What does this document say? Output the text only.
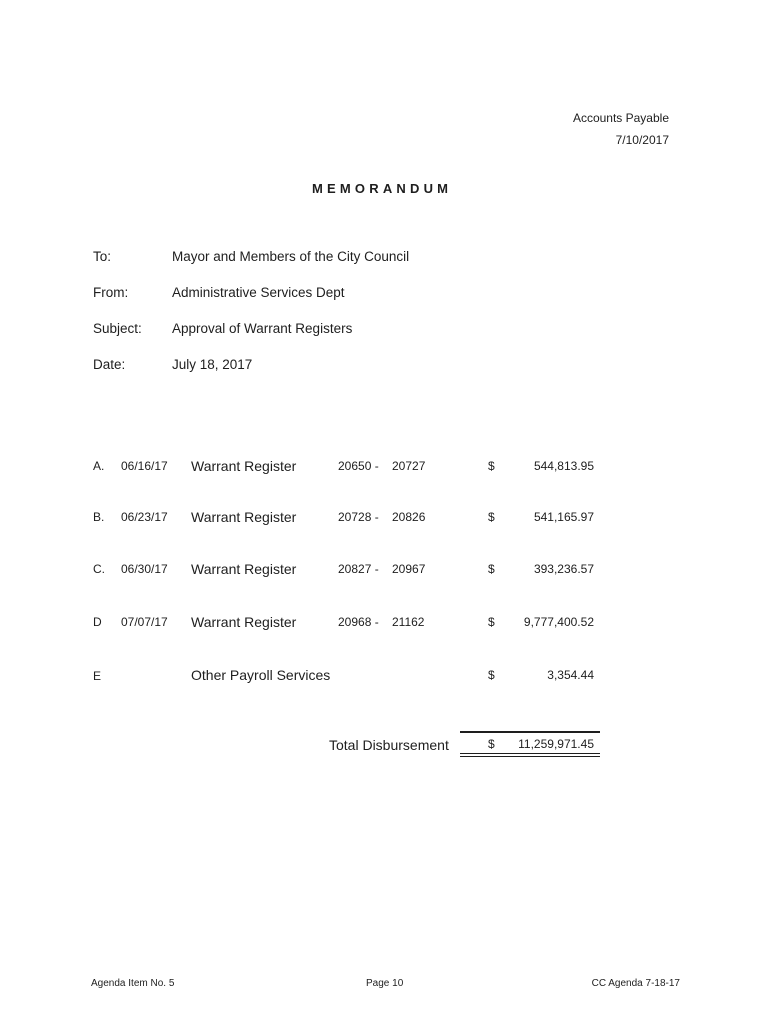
Accounts Payable
7/10/2017
MEMORANDUM
To:	Mayor and Members of the City Council
From:	Administrative Services Dept
Subject: Approval of Warrant Registers
Date:	July 18, 2017
A. 06/16/17 Warrant Register	20650 - 20727	$	544,813.95
B. 06/23/17 Warrant Register	20728 - 20826	$	541,165.97
C. 06/30/17 Warrant Register	20827 - 20967	$	393,236.57
D 07/07/17 Warrant Register	20968 - 21162	$ 9,777,400.52
E	Other Payroll Services	$	3,354.44
Total Disbursement	$ 11,259,971.45
Agenda Item No. 5	Page 10	CC Agenda 7-18-17
